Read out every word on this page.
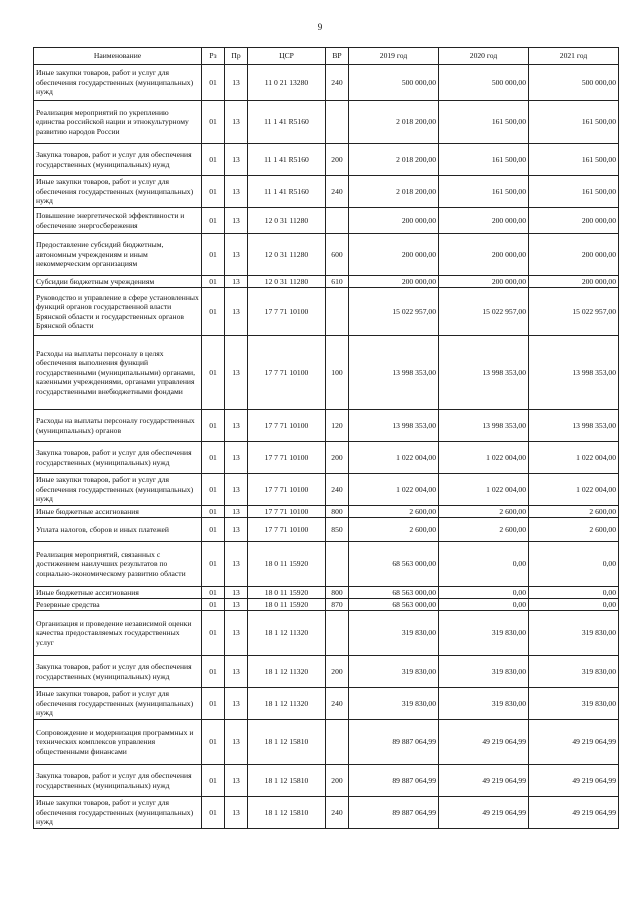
9
Наименование	Рз	Пр	ЦСР	ВР	2019 год	2020 год	2021 год
Иные закупки товаров, работ и услуг для обеспечения государственных (муниципальных) нужд	01	13	11 0 21 13280	240	500 000,00	500 000,00	500 000,00
Реализация мероприятий по укреплению единства российской нации и этнокультурному развитию народов России	01	13	11 1 41 R5160		2 018 200,00	161 500,00	161 500,00
Закупка товаров, работ и услуг для обеспечения государственных (муниципальных) нужд	01	13	11 1 41 R5160	200	2 018 200,00	161 500,00	161 500,00
Иные закупки товаров, работ и услуг для обеспечения государственных (муниципальных) нужд	01	13	11 1 41 R5160	240	2 018 200,00	161 500,00	161 500,00
Повышение энергетической эффективности и обеспечение энергосбережения	01	13	12 0 31 11280		200 000,00	200 000,00	200 000,00
Предоставление субсидий бюджетным, автономным учреждениям и иным некоммерческим организациям	01	13	12 0 31 11280	600	200 000,00	200 000,00	200 000,00
Субсидии бюджетным учреждениям	01	13	12 0 31 11280	610	200 000,00	200 000,00	200 000,00
Руководство и управление в сфере установленных функций органов государственной власти Брянской области и государственных органов Брянской области	01	13	17 7 71 10100		15 022 957,00	15 022 957,00	15 022 957,00
Расходы на выплаты персоналу в целях обеспечения выполнения функций государственными (муниципальными) органами, казенными учреждениями, органами управления государственными внебюджетными фондами	01	13	17 7 71 10100	100	13 998 353,00	13 998 353,00	13 998 353,00
Расходы на выплаты персоналу государственных (муниципальных) органов	01	13	17 7 71 10100	120	13 998 353,00	13 998 353,00	13 998 353,00
Закупка товаров, работ и услуг для обеспечения государственных (муниципальных) нужд	01	13	17 7 71 10100	200	1 022 004,00	1 022 004,00	1 022 004,00
Иные закупки товаров, работ и услуг для обеспечения государственных (муниципальных) нужд	01	13	17 7 71 10100	240	1 022 004,00	1 022 004,00	1 022 004,00
Иные бюджетные ассигнования	01	13	17 7 71 10100	800	2 600,00	2 600,00	2 600,00
Уплата налогов, сборов и иных платежей	01	13	17 7 71 10100	850	2 600,00	2 600,00	2 600,00
Реализация мероприятий, связанных с достижением наилучших результатов по социально-экономическому развитию области	01	13	18 0 11 15920		68 563 000,00	0,00	0,00
Иные бюджетные ассигнования	01	13	18 0 11 15920	800	68 563 000,00	0,00	0,00
Резервные средства	01	13	18 0 11 15920	870	68 563 000,00	0,00	0,00
Организация и проведение независимой оценки качества предоставляемых государственных услуг	01	13	18 1 12 11320		319 830,00	319 830,00	319 830,00
Закупка товаров, работ и услуг для обеспечения государственных (муниципальных) нужд	01	13	18 1 12 11320	200	319 830,00	319 830,00	319 830,00
Иные закупки товаров, работ и услуг для обеспечения государственных (муниципальных) нужд	01	13	18 1 12 11320	240	319 830,00	319 830,00	319 830,00
Сопровождение и модернизация программных и технических комплексов управления общественными финансами	01	13	18 1 12 15810		89 887 064,99	49 219 064,99	49 219 064,99
Закупка товаров, работ и услуг для обеспечения государственных (муниципальных) нужд	01	13	18 1 12 15810	200	89 887 064,99	49 219 064,99	49 219 064,99
Иные закупки товаров, работ и услуг для обеспечения государственных (муниципальных) нужд	01	13	18 1 12 15810	240	89 887 064,99	49 219 064,99	49 219 064,99
